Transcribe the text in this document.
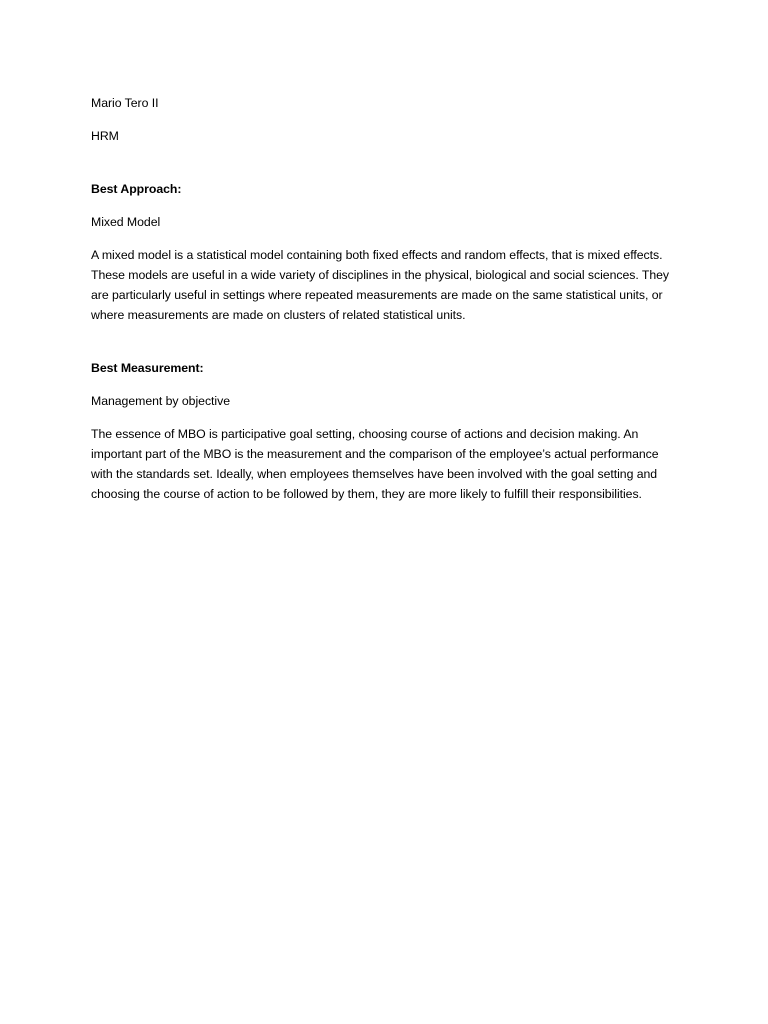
Mario Tero II

HRM

Best Approach:

Mixed Model

A mixed model is a statistical model containing both fixed effects and random effects, that is mixed effects. These models are useful in a wide variety of disciplines in the physical, biological and social sciences. They are particularly useful in settings where repeated measurements are made on the same statistical units, or where measurements are made on clusters of related statistical units.

Best Measurement:

Management by objective

The essence of MBO is participative goal setting, choosing course of actions and decision making. An important part of the MBO is the measurement and the comparison of the employee’s actual performance with the standards set. Ideally, when employees themselves have been involved with the goal setting and choosing the course of action to be followed by them, they are more likely to fulfill their responsibilities.
